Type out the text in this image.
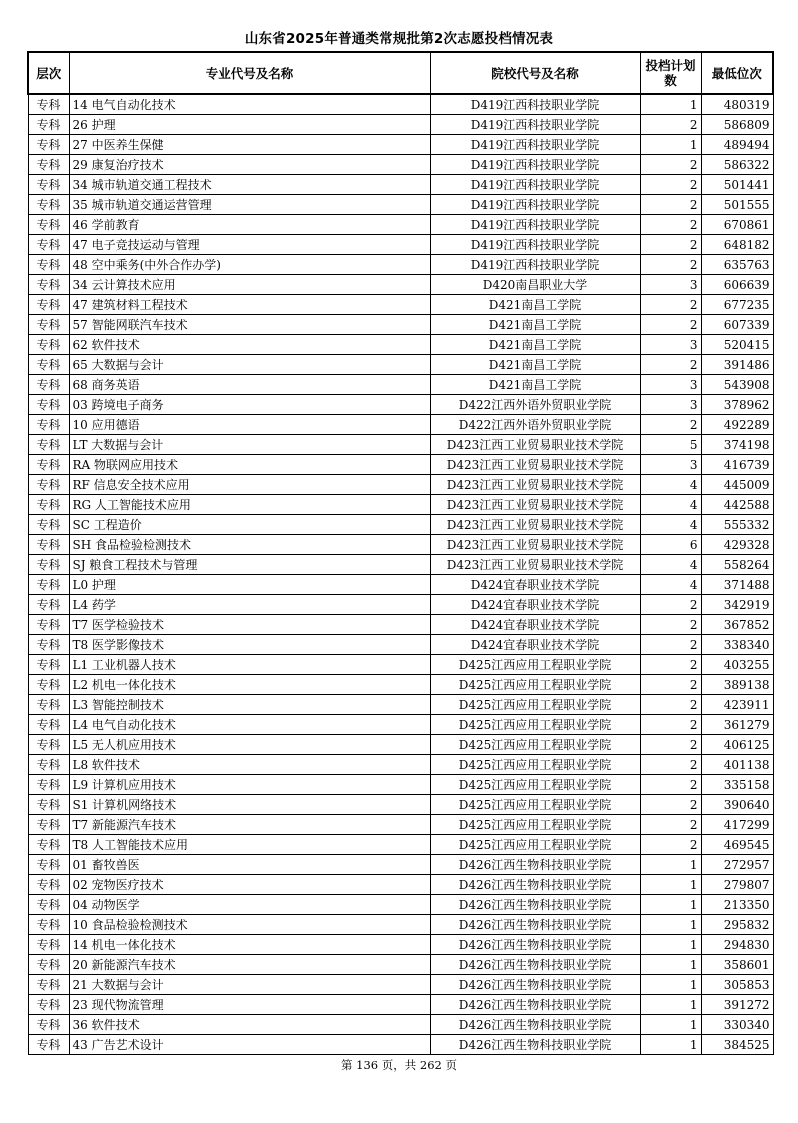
山东省2025年普通类常规批第2次志愿投档情况表
层次	专业代号及名称	院校代号及名称	投档计划数	最低位次
专科	14 电气自动化技术	D419江西科技职业学院	1	480319
专科	26 护理	D419江西科技职业学院	2	586809
专科	27 中医养生保健	D419江西科技职业学院	1	489494
专科	29 康复治疗技术	D419江西科技职业学院	2	586322
专科	34 城市轨道交通工程技术	D419江西科技职业学院	2	501441
专科	35 城市轨道交通运营管理	D419江西科技职业学院	2	501555
专科	46 学前教育	D419江西科技职业学院	2	670861
专科	47 电子竞技运动与管理	D419江西科技职业学院	2	648182
专科	48 空中乘务(中外合作办学)	D419江西科技职业学院	2	635763
专科	34 云计算技术应用	D420南昌职业大学	3	606639
专科	47 建筑材料工程技术	D421南昌工学院	2	677235
专科	57 智能网联汽车技术	D421南昌工学院	2	607339
专科	62 软件技术	D421南昌工学院	3	520415
专科	65 大数据与会计	D421南昌工学院	2	391486
专科	68 商务英语	D421南昌工学院	3	543908
专科	03 跨境电子商务	D422江西外语外贸职业学院	3	378962
专科	10 应用德语	D422江西外语外贸职业学院	2	492289
专科	LT 大数据与会计	D423江西工业贸易职业技术学院	5	374198
专科	RA 物联网应用技术	D423江西工业贸易职业技术学院	3	416739
专科	RF 信息安全技术应用	D423江西工业贸易职业技术学院	4	445009
专科	RG 人工智能技术应用	D423江西工业贸易职业技术学院	4	442588
专科	SC 工程造价	D423江西工业贸易职业技术学院	4	555332
专科	SH 食品检验检测技术	D423江西工业贸易职业技术学院	6	429328
专科	SJ 粮食工程技术与管理	D423江西工业贸易职业技术学院	4	558264
专科	L0 护理	D424宜春职业技术学院	4	371488
专科	L4 药学	D424宜春职业技术学院	2	342919
专科	T7 医学检验技术	D424宜春职业技术学院	2	367852
专科	T8 医学影像技术	D424宜春职业技术学院	2	338340
专科	L1 工业机器人技术	D425江西应用工程职业学院	2	403255
专科	L2 机电一体化技术	D425江西应用工程职业学院	2	389138
专科	L3 智能控制技术	D425江西应用工程职业学院	2	423911
专科	L4 电气自动化技术	D425江西应用工程职业学院	2	361279
专科	L5 无人机应用技术	D425江西应用工程职业学院	2	406125
专科	L8 软件技术	D425江西应用工程职业学院	2	401138
专科	L9 计算机应用技术	D425江西应用工程职业学院	2	335158
专科	S1 计算机网络技术	D425江西应用工程职业学院	2	390640
专科	T7 新能源汽车技术	D425江西应用工程职业学院	2	417299
专科	T8 人工智能技术应用	D425江西应用工程职业学院	2	469545
专科	01 畜牧兽医	D426江西生物科技职业学院	1	272957
专科	02 宠物医疗技术	D426江西生物科技职业学院	1	279807
专科	04 动物医学	D426江西生物科技职业学院	1	213350
专科	10 食品检验检测技术	D426江西生物科技职业学院	1	295832
专科	14 机电一体化技术	D426江西生物科技职业学院	1	294830
专科	20 新能源汽车技术	D426江西生物科技职业学院	1	358601
专科	21 大数据与会计	D426江西生物科技职业学院	1	305853
专科	23 现代物流管理	D426江西生物科技职业学院	1	391272
专科	36 软件技术	D426江西生物科技职业学院	1	330340
专科	43 广告艺术设计	D426江西生物科技职业学院	1	384525
第 136 页，共 262 页
